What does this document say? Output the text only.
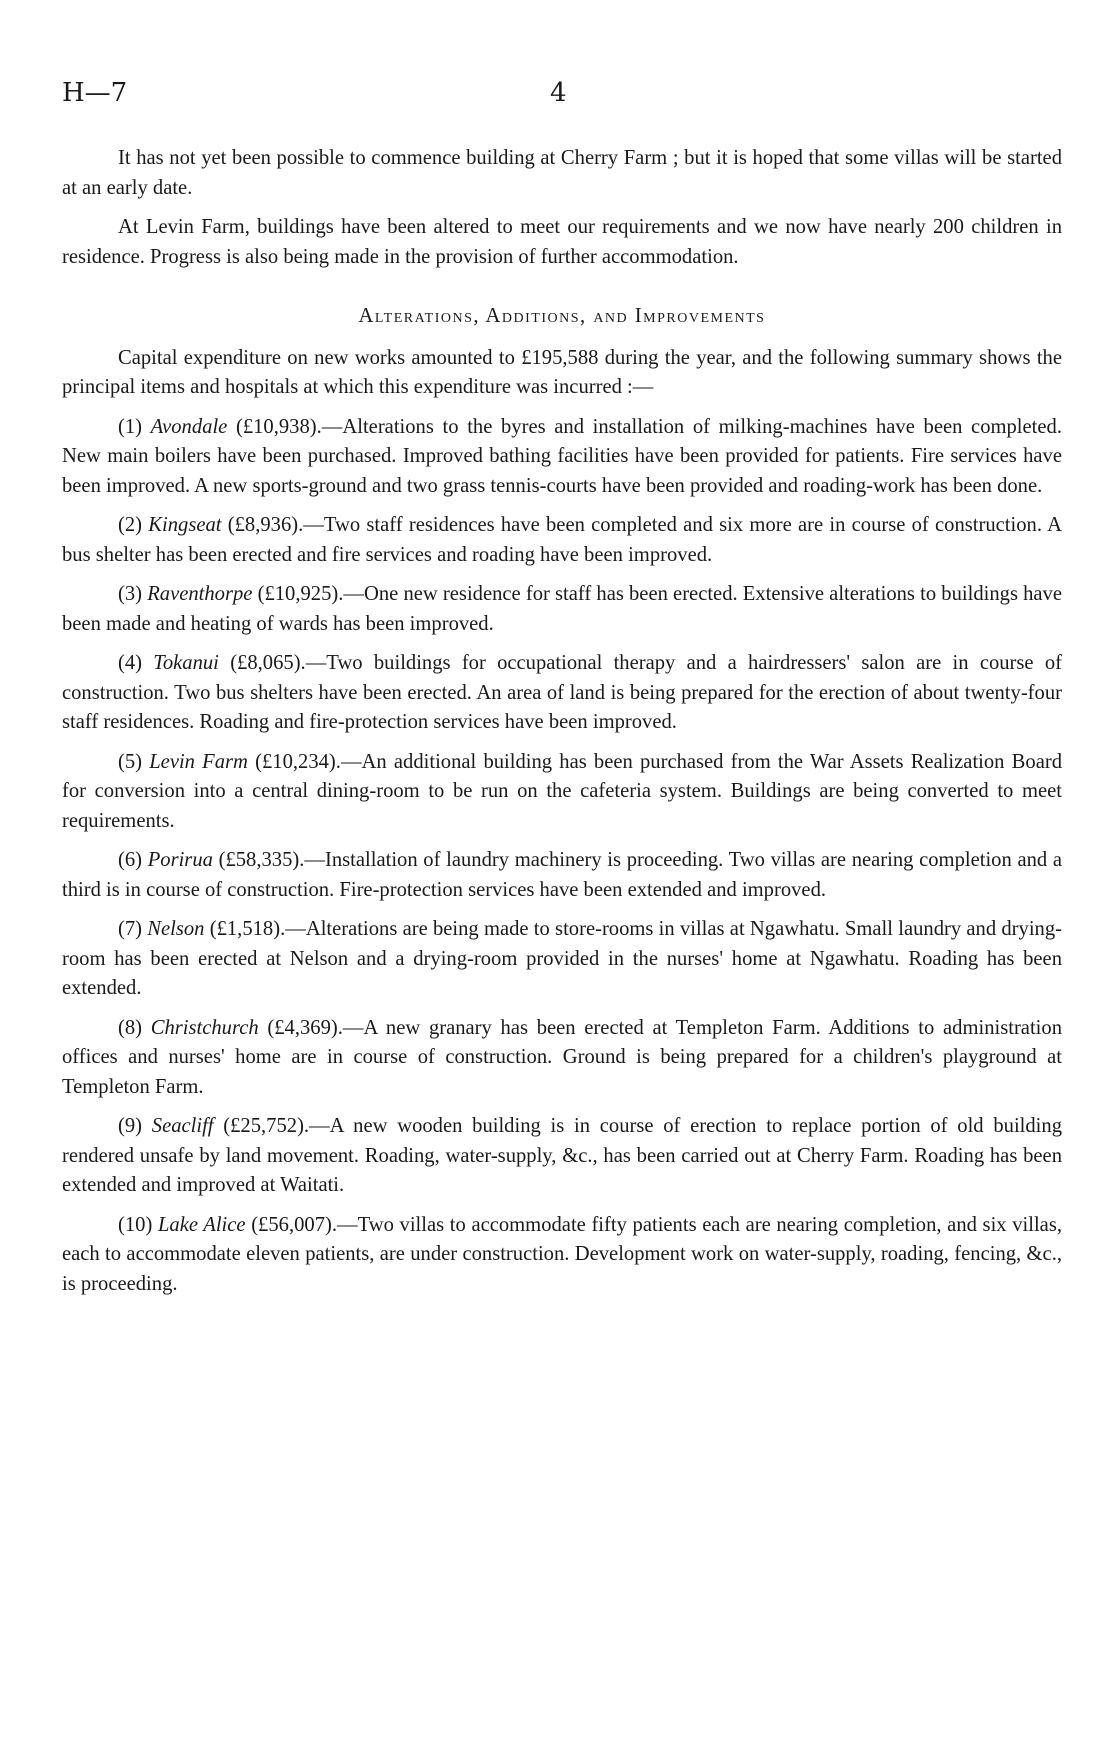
H—7	4

It has not yet been possible to commence building at Cherry Farm ; but it is hoped that some villas will be started at an early date.

At Levin Farm, buildings have been altered to meet our requirements and we now have nearly 200 children in residence. Progress is also being made in the provision of further accommodation.

Alterations, Additions, and Improvements

Capital expenditure on new works amounted to £195,588 during the year, and the following summary shows the principal items and hospitals at which this expenditure was incurred :—

(1) Avondale (£10,938).—Alterations to the byres and installation of milking-machines have been completed. New main boilers have been purchased. Improved bathing facilities have been provided for patients. Fire services have been improved. A new sports-ground and two grass tennis-courts have been provided and roading-work has been done.

(2) Kingseat (£8,936).—Two staff residences have been completed and six more are in course of construction. A bus shelter has been erected and fire services and roading have been improved.

(3) Raventhorpe (£10,925).—One new residence for staff has been erected. Extensive alterations to buildings have been made and heating of wards has been improved.

(4) Tokanui (£8,065).—Two buildings for occupational therapy and a hairdressers' salon are in course of construction. Two bus shelters have been erected. An area of land is being prepared for the erection of about twenty-four staff residences. Roading and fire-protection services have been improved.

(5) Levin Farm (£10,234).—An additional building has been purchased from the War Assets Realization Board for conversion into a central dining-room to be run on the cafeteria system. Buildings are being converted to meet requirements.

(6) Porirua (£58,335).—Installation of laundry machinery is proceeding. Two villas are nearing completion and a third is in course of construction. Fire-protection services have been extended and improved.

(7) Nelson (£1,518).—Alterations are being made to store-rooms in villas at Ngawhatu. Small laundry and drying-room has been erected at Nelson and a drying-room provided in the nurses' home at Ngawhatu. Roading has been extended.

(8) Christchurch (£4,369).—A new granary has been erected at Templeton Farm. Additions to administration offices and nurses' home are in course of construction. Ground is being prepared for a children's playground at Templeton Farm.

(9) Seacliff (£25,752).—A new wooden building is in course of erection to replace portion of old building rendered unsafe by land movement. Roading, water-supply, &c., has been carried out at Cherry Farm. Roading has been extended and improved at Waitati.

(10) Lake Alice (£56,007).—Two villas to accommodate fifty patients each are nearing completion, and six villas, each to accommodate eleven patients, are under construction. Development work on water-supply, roading, fencing, &c., is proceeding.
